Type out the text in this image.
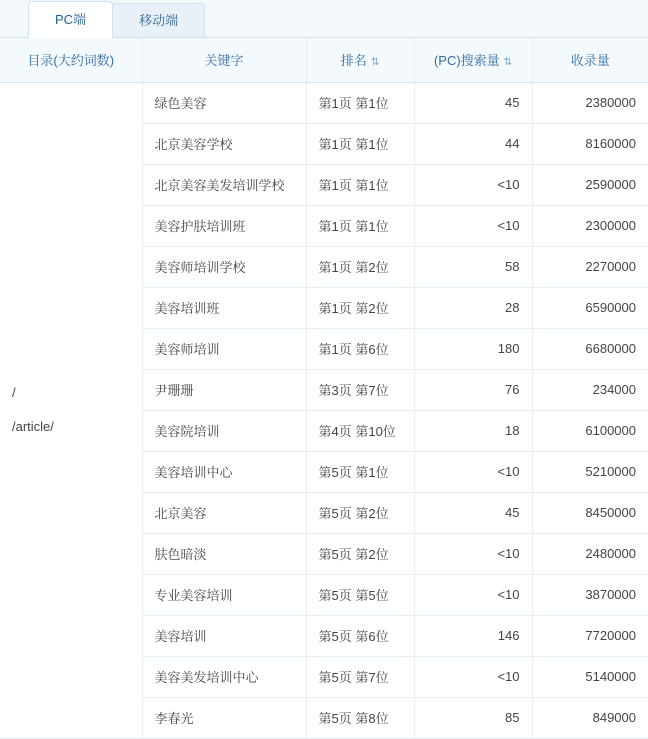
PC端	移动端
目录(大约词数)	关键字	排名 ⇅	(PC)搜索量 ⇅	收录量

/
/article/	绿色美容	第1页 第1位	45	2380000
	北京美容学校	第1页 第1位	44	8160000
	北京美容美发培训学校	第1页 第1位	<10	2590000
	美容护肤培训班	第1页 第1位	<10	2300000
	美容师培训学校	第1页 第2位	58	2270000
	美容培训班	第1页 第2位	28	6590000
	美容师培训	第1页 第6位	180	6680000
	尹珊珊	第3页 第7位	76	234000
	美容院培训	第4页 第10位	18	6100000
	美容培训中心	第5页 第1位	<10	5210000
	北京美容	第5页 第2位	45	8450000
	肤色暗淡	第5页 第2位	<10	2480000
	专业美容培训	第5页 第5位	<10	3870000
	美容培训	第5页 第6位	146	7720000
	美容美发培训中心	第5页 第7位	<10	5140000
	李春光	第5页 第8位	85	849000
